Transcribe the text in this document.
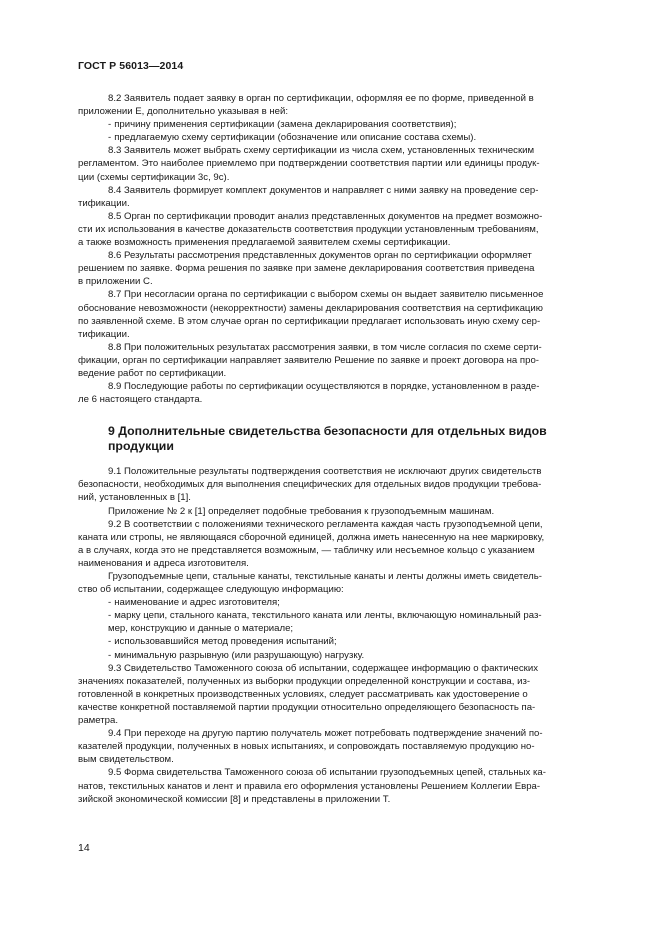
ГОСТ Р 56013—2014

8.2 Заявитель подает заявку в орган по сертификации, оформляя ее по форме, приведенной в
приложении Е, дополнительно указывая в ней:

- причину применения сертификации (замена декларирования соответствия);

- предлагаемую схему сертификации (обозначение или описание состава схемы).

8.3 Заявитель может выбрать схему сертификации из числа схем, установленных техническим
регламентом. Это наиболее приемлемо при подтверждении соответствия партии или единицы продук-
ции (схемы сертификации 3с, 9с).

8.4 Заявитель формирует комплект документов и направляет с ними заявку на проведение сер-
тификации.

8.5 Орган по сертификации проводит анализ представленных документов на предмет возможно-
сти их использования в качестве доказательств соответствия продукции установленным требованиям,
а также возможность применения предлагаемой заявителем схемы сертификации.

8.6 Результаты рассмотрения представленных документов орган по сертификации оформляет
решением по заявке. Форма решения по заявке при замене декларирования соответствия приведена
в приложении С.

8.7 При несогласии органа по сертификации с выбором схемы он выдает заявителю письменное
обоснование невозможности (некорректности) замены декларирования соответствия на сертификацию
по заявленной схеме. В этом случае орган по сертификации предлагает использовать иную схему сер-
тификации.

8.8 При положительных результатах рассмотрения заявки, в том числе согласия по схеме серти-
фикации, орган по сертификации направляет заявителю Решение по заявке и проект договора на про-
ведение работ по сертификации.

8.9 Последующие работы по сертификации осуществляются в порядке, установленном в разде-
ле 6 настоящего стандарта.

9 Дополнительные свидетельства безопасности для отдельных видов
продукции

9.1 Положительные результаты подтверждения соответствия не исключают других свидетельств
безопасности, необходимых для выполнения специфических для отдельных видов продукции требова-
ний, установленных в [1].

Приложение № 2 к [1] определяет подобные требования к грузоподъемным машинам.

9.2 В соответствии с положениями технического регламента каждая часть грузоподъемной цепи,
каната или стропы, не являющаяся сборочной единицей, должна иметь нанесенную на нее маркировку,
а в случаях, когда это не представляется возможным, — табличку или несъемное кольцо с указанием
наименования и адреса изготовителя.

Грузоподъемные цепи, стальные канаты, текстильные канаты и ленты должны иметь свидетель-
ство об испытании, содержащее следующую информацию:

- наименование и адрес изготовителя;

- марку цепи, стального каната, текстильного каната или ленты, включающую номинальный раз-
мер, конструкцию и данные о материале;

- использовавшийся метод проведения испытаний;

- минимальную разрывную (или разрушающую) нагрузку.

9.3 Свидетельство Таможенного союза об испытании, содержащее информацию о фактических
значениях показателей, полученных из выборки продукции определенной конструкции и состава, из-
готовленной в конкретных производственных условиях, следует рассматривать как удостоверение о
качестве конкретной поставляемой партии продукции относительно определяющего безопасность па-
раметра.

9.4 При переходе на другую партию получатель может потребовать подтверждение значений по-
казателей продукции, полученных в новых испытаниях, и сопровождать поставляемую продукцию но-
вым свидетельством.

9.5 Форма свидетельства Таможенного союза об испытании грузоподъемных цепей, стальных ка-
натов, текстильных канатов и лент и правила его оформления установлены Решением Коллегии Евра-
зийской экономической комиссии [8] и представлены в приложении Т.

14
